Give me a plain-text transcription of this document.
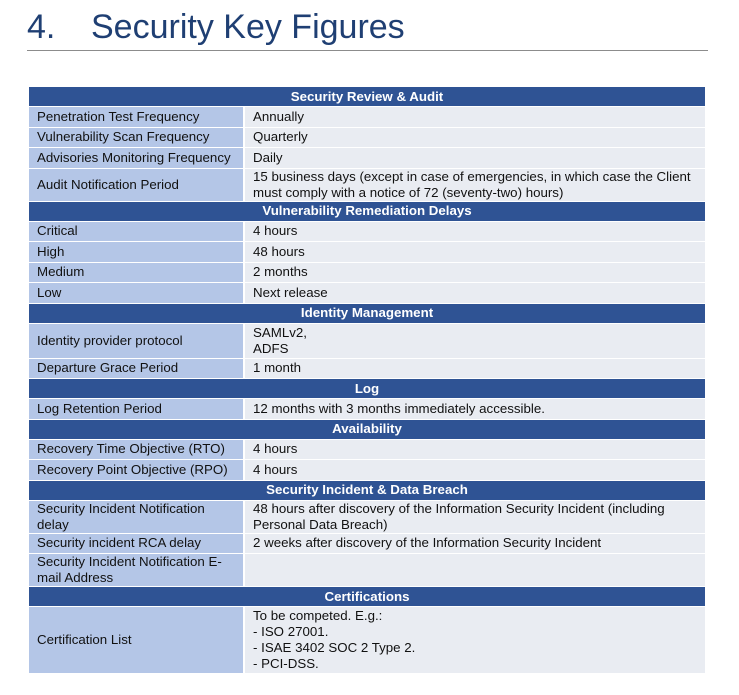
4. Security Key Figures
Security Review & Audit	
Penetration Test Frequency	Annually
Vulnerability Scan Frequency	Quarterly
Advisories Monitoring Frequency	Daily
Audit Notification Period	15 business days (except in case of emergencies, in which case the Client must comply with a notice of 72 (seventy-two) hours)
Vulnerability Remediation Delays	
Critical	4 hours
High	48 hours
Medium	2 months
Low	Next release
Identity Management	
Identity provider protocol	SAMLv2,
ADFS
Departure Grace Period	1 month
Log	
Log Retention Period	12 months with 3 months immediately accessible.
Availability	
Recovery Time Objective (RTO)	4 hours
Recovery Point Objective (RPO)	4 hours
Security Incident & Data Breach	
Security Incident Notification delay	48 hours after discovery of the Information Security Incident (including Personal Data Breach)
Security incident RCA delay	2 weeks after discovery of the Information Security Incident
Security Incident Notification E-mail Address	
Certifications	
Certification List	To be competed. E.g.:
- ISO 27001.
- ISAE 3402 SOC 2 Type 2.
- PCI-DSS.
